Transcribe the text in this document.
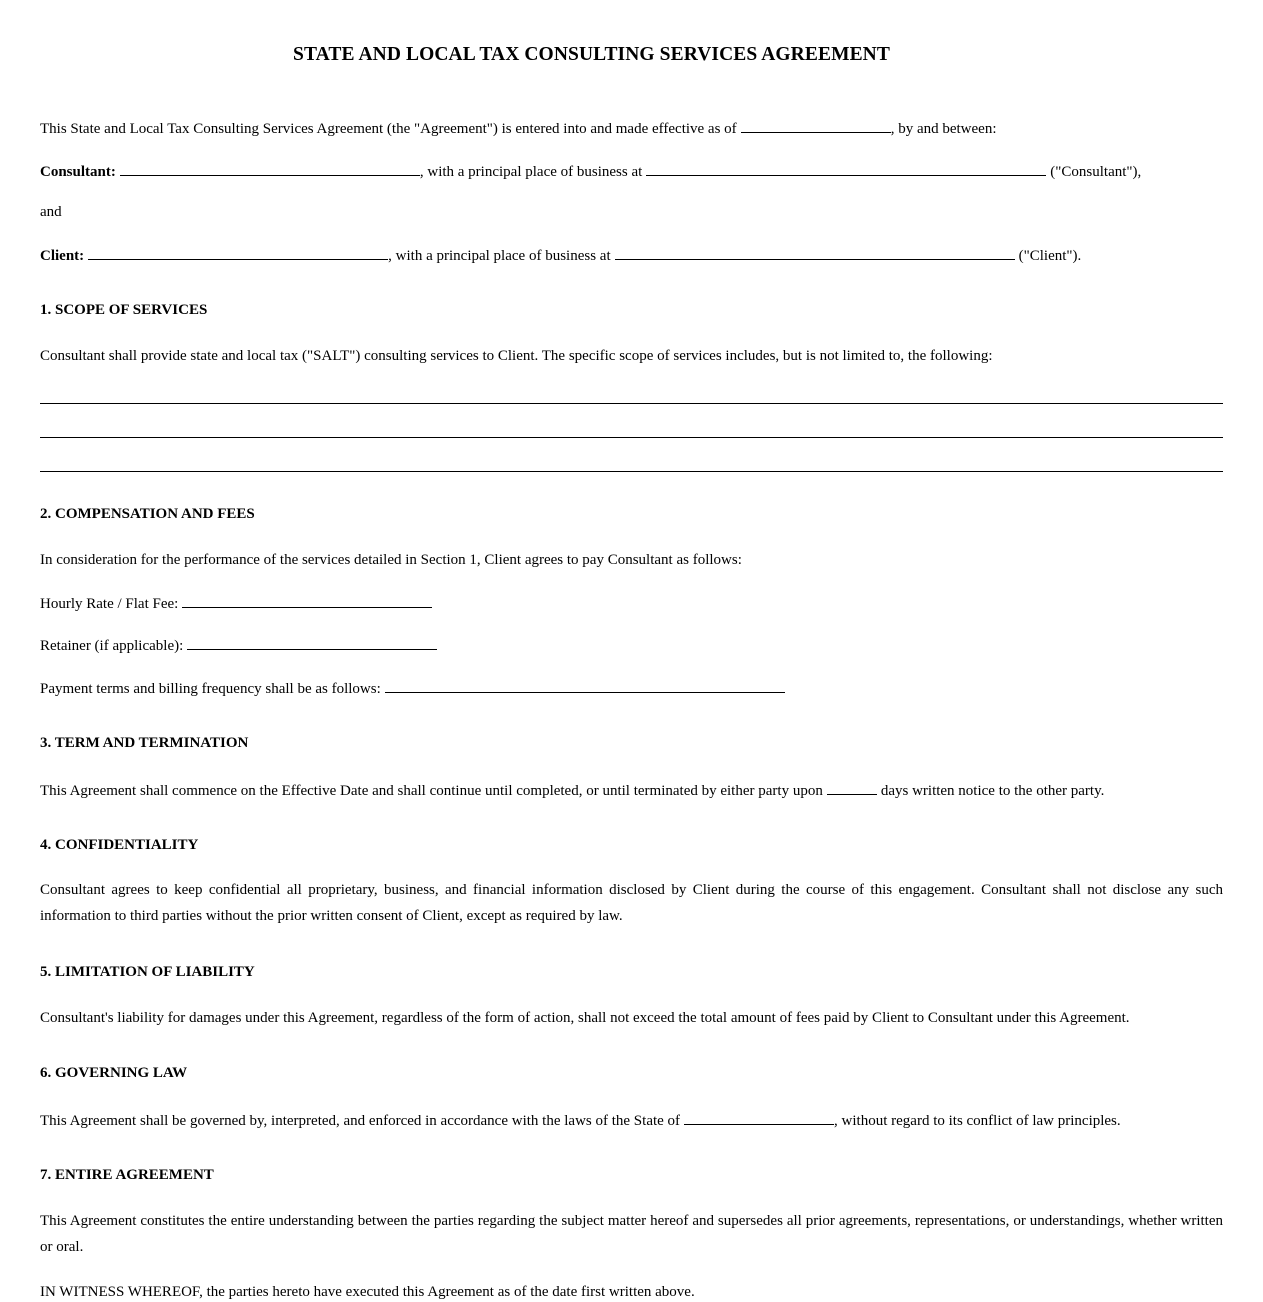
STATE AND LOCAL TAX CONSULTING SERVICES AGREEMENT
This State and Local Tax Consulting Services Agreement (the "Agreement") is entered into and made effective as of	, by and between:
Consultant:	, with a principal place of business at	("Consultant"),
and
Client:	, with a principal place of business at	("Client").
1. SCOPE OF SERVICES
Consultant shall provide state and local tax ("SALT") consulting services to Client. The specific scope of services includes, but is not limited to, the following:
2. COMPENSATION AND FEES
In consideration for the performance of the services detailed in Section 1, Client agrees to pay Consultant as follows:
Hourly Rate / Flat Fee:
Retainer (if applicable):
Payment terms and billing frequency shall be as follows:
3. TERM AND TERMINATION
This Agreement shall commence on the Effective Date and shall continue until completed, or until terminated by either party upon	days written notice to the other party.
4. CONFIDENTIALITY
Consultant agrees to keep confidential all proprietary, business, and financial information disclosed by Client during the course of this engagement. Consultant shall not disclose any such information to third parties without the prior written consent of Client, except as required by law.
5. LIMITATION OF LIABILITY
Consultant's liability for damages under this Agreement, regardless of the form of action, shall not exceed the total amount of fees paid by Client to Consultant under this Agreement.
6. GOVERNING LAW
This Agreement shall be governed by, interpreted, and enforced in accordance with the laws of the State of	, without regard to its conflict of law principles.
7. ENTIRE AGREEMENT
This Agreement constitutes the entire understanding between the parties regarding the subject matter hereof and supersedes all prior agreements, representations, or understandings, whether written or oral.
IN WITNESS WHEREOF, the parties hereto have executed this Agreement as of the date first written above.
